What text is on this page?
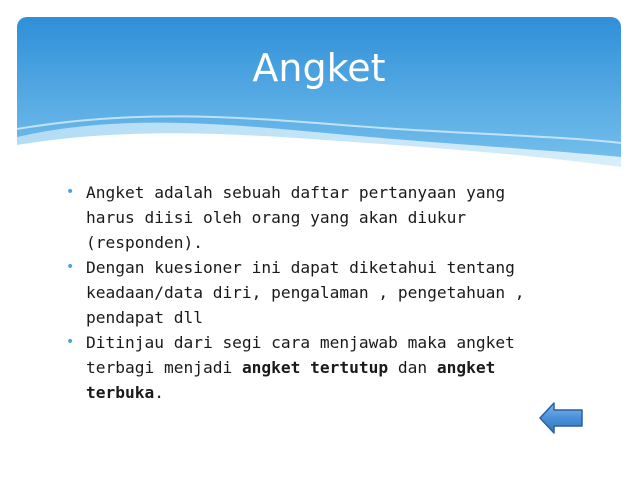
Angket
• Angket adalah sebuah daftar pertanyaan yang harus diisi oleh orang yang akan diukur (responden).
• Dengan kuesioner ini dapat diketahui tentang keadaan/data diri, pengalaman , pengetahuan , pendapat dll
• Ditinjau dari segi cara menjawab maka angket terbagi menjadi angket tertutup dan angket terbuka.
